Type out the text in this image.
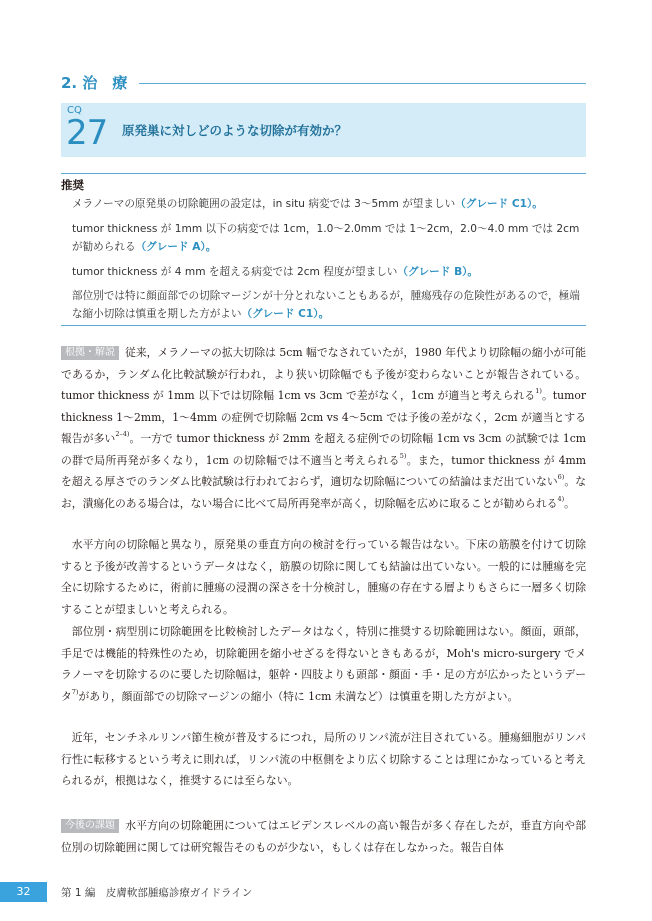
2. 治　療
CQ
27 原発巣に対しどのような切除が有効か？
推奨
メラノーマの原発巣の切除範囲の設定は，in situ 病変では 3〜5mm が望ましい（グレード C1）。
tumor thickness が 1mm 以下の病変では 1cm，1.0〜2.0mm では 1〜2cm，2.0〜4.0 mm では 2cm が勧められる（グレード A）。
tumor thickness が 4 mm を超える病変では 2cm 程度が望ましい（グレード B）。
部位別では特に顔面部での切除マージンが十分とれないこともあるが，腫瘍残存の危険性があるので，極端な縮小切除は慎重を期した方がよい（グレード C1）。
根拠・解説 従来，メラノーマの拡大切除は 5cm 幅でなされていたが，1980 年代より切除幅の縮小が可能であるか，ランダム化比較試験が行われ，より狭い切除幅でも予後が変わらないことが報告されている。tumor thickness が 1mm 以下では切除幅 1cm vs 3cm で差がなく，1cm が適当と考えられる$^{1)}$。tumor thickness 1〜2mm，1〜4mm の症例で切除幅 2cm vs 4〜5cm では予後の差がなく，2cm が適当とする報告が多い$^{2-4)}$。一方で tumor thickness が 2mm を超える症例での切除幅 1cm vs 3cm の試験では 1cm の群で局所再発が多くなり，1cm の切除幅では不適当と考えられる$^{5)}$。また，tumor thickness が 4mm を超える厚さでのランダム比較試験は行われておらず，適切な切除幅についての結論はまだ出ていない$^{6)}$。なお，潰瘍化のある場合は，ない場合に比べて局所再発率が高く，切除幅を広めに取ることが勧められる$^{4)}$。
水平方向の切除幅と異なり，原発巣の垂直方向の検討を行っている報告はない。下床の筋膜を付けて切除すると予後が改善するというデータはなく，筋膜の切除に関しても結論は出ていない。一般的には腫瘍を完全に切除するために，術前に腫瘍の浸潤の深さを十分検討し，腫瘍の存在する層よりもさらに一層多く切除することが望ましいと考えられる。
部位別・病型別に切除範囲を比較検討したデータはなく，特別に推奨する切除範囲はない。顔面，頭部，手足では機能的特殊性のため，切除範囲を縮小せざるを得ないときもあるが，Moh's micro-surgery でメラノーマを切除するのに要した切除幅は，躯幹・四肢よりも頭部・顔面・手・足の方が広かったというデータ$^{7)}$があり，顔面部での切除マージンの縮小（特に 1cm 未満など）は慎重を期した方がよい。
近年，センチネルリンパ節生検が普及するにつれ，局所のリンパ流が注目されている。腫瘍細胞がリンパ行性に転移するという考えに則れば，リンパ流の中枢側をより広く切除することは理にかなっていると考えられるが，根拠はなく，推奨するには至らない。
今後の課題 水平方向の切除範囲についてはエビデンスレベルの高い報告が多く存在したが，垂直方向や部位別の切除範囲に関しては研究報告そのものが少ない，もしくは存在しなかった。報告自体
32	第 1 編　皮膚軟部腫瘍診療ガイドライン
